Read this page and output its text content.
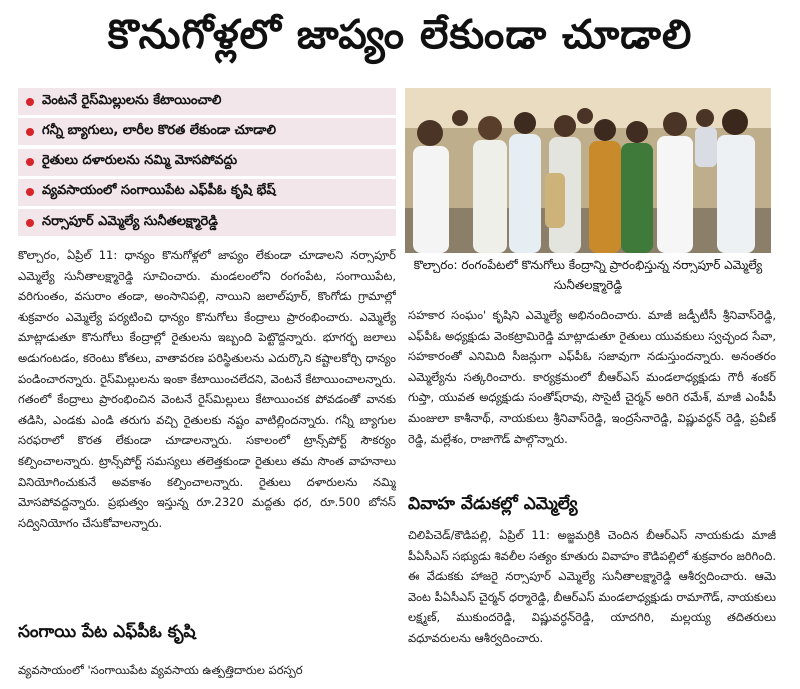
కొనుగోళ్లలో జాప్యం లేకుండా చూడాలి
వెంటనే రైస్‌మిల్లులను కేటాయించాలి
గన్నీ బ్యాగులు, లారీల కొరత లేకుండా చూడాలి
రైతులు దళారులను నమ్మి మోసపోవద్దు
వ్యవసాయంలో సంగాయిపేట ఎఫ్‌పీఓ కృషి భేష్
నర్సాపూర్ ఎమ్మెల్యే సునీతలక్ష్మారెడ్డి
కొల్చారం: రంగంపేటలో కొనుగోలు కేంద్రాన్ని ప్రారంభిస్తున్న నర్సాపూర్ ఎమ్మెల్యే సునీతలక్ష్మారెడ్డి
కొల్చారం, ఏప్రిల్ 11: ధాన్యం కొనుగోళ్లలో జాప్యం లేకుండా చూడాలని నర్సాపూర్ ఎమ్మెల్యే సునీతాలక్ష్మారెడ్డి సూచించారు. మండలంలోని రంగంపేట, సంగాయిపేట, వరిగుంతం, వసురాం తండా, అంసానిపల్లి, నాయిని జలాల్‌పూర్, కొంగోడు గ్రామాల్లో శుక్రవారం ఎమ్మెల్యే పర్యటించి ధాన్యం కొనుగోలు కేంద్రాలు ప్రారంభించారు. ఎమ్మెల్యే మాట్లాడుతూ కొనుగోలు కేంద్రాల్లో రైతులను ఇబ్బంది పెట్టొద్దన్నారు. భూగర్భ జలాలు అడుగంటడం, కరెంటు కోతలు, వాతావరణ పరిస్థితులను ఎదుర్కొని కష్టాలకోర్చి ధాన్యం పండించారన్నారు. రైస్‌మిల్లులను ఇంకా కేటాయించలేదని, వెంటనే కేటాయించాలన్నారు. గతంలో కేంద్రాలు ప్రారంభించిన వెంటనే రైస్‌మిల్లులు కేటాయించక పోవడంతో వానకు తడిసి, ఎండకు ఎండి తరుగు వచ్చి రైతులకు నష్టం వాటిల్లిందన్నారు. గన్నీ బ్యాగుల సరఫరాలో కొరత లేకుండా చూడాలన్నారు. సకాలంలో ట్రాన్స్‌పోర్ట్ సౌకర్యం కల్పించాలన్నారు. ట్రాన్స్‌పోర్ట్ సమస్యలు తలెత్తకుండా రైతులు తమ సొంత వాహనాలు వినియోగించుకునే అవకాశం కల్పించాలన్నారు. రైతులు దళారులను నమ్మి మోసపోవద్దన్నారు. ప్రభుత్వం ఇస్తున్న రూ.2320 మద్దతు ధర, రూ.500 బోనస్ సద్వినియోగం చేసుకోవాలన్నారు.
సంగాయి పేట ఎఫ్‌పీఓ కృషి
వ్యవసాయంలో 'సంగాయిపేట వ్యవసాయ ఉత్పత్తిదారుల పరస్పర
సహకార సంఘం' కృషిని ఎమ్మెల్యే అభినందించారు. మాజీ జడ్పీటీసీ శ్రీనివాస్‌రెడ్డి, ఎఫ్‌పీఓ అధ్యక్షుడు వెంకట్రామిరెడ్డి మాట్లాడుతూ రైతులు యువకులు స్వచ్ఛంద సేవా, సహకారంతో ఎనిమిది సీజన్లుగా ఎఫ్‌పీఓ సజావుగా నడుస్తుందన్నారు. అనంతరం ఎమ్మెల్యేను సత్కరించారు. కార్యక్రమంలో బీఆర్‌ఎస్ మండలాధ్యక్షుడు గౌరీ శంకర్ గుప్తా, యువత అధ్యక్షుడు సంతోష్‌రావు, సొసైటీ చైర్మన్ అరిగె రమేశ్, మాజీ ఎంపీపీ మంజులా కాశీనాథ్, నాయకులు శ్రీనివాస్‌రెడ్డి, ఇంద్రసేనారెడ్డి, విష్ణువర్ధన్ రెడ్డి, ప్రవీణ్ రెడ్డి, మల్లేశం, రాజాగౌడ్ పాల్గొన్నారు.
వివాహ వేడుకల్లో ఎమ్మెల్యే
చిలిపిచెడ్/కౌడిపల్లి, ఏప్రిల్ 11: అజ్జమర్రికి చెందిన బీఆర్‌ఎస్ నాయకుడు మాజీ పీఏసీఎస్ సభ్యుడు శివలీల సత్యం కూతురు వివాహం కౌడిపల్లిలో శుక్రవారం జరిగింది. ఈ వేడుకకు హాజరై నర్సాపూర్ ఎమ్మెల్యే సునీతాలక్ష్మారెడ్డి ఆశీర్వదించారు. ఆమె వెంట పీఏసీఎస్ చైర్మన్ ధర్మారెడ్డి, బీఆర్‌ఎస్ మండలాధ్యక్షుడు రామాగౌడ్, నాయకులు లక్ష్మణ్, ముకుందరెడ్డి, విష్ణువర్ధన్‌రెడ్డి, యాదగిరి, మల్లయ్య తదితరులు వధూవరులను ఆశీర్వదించారు.
